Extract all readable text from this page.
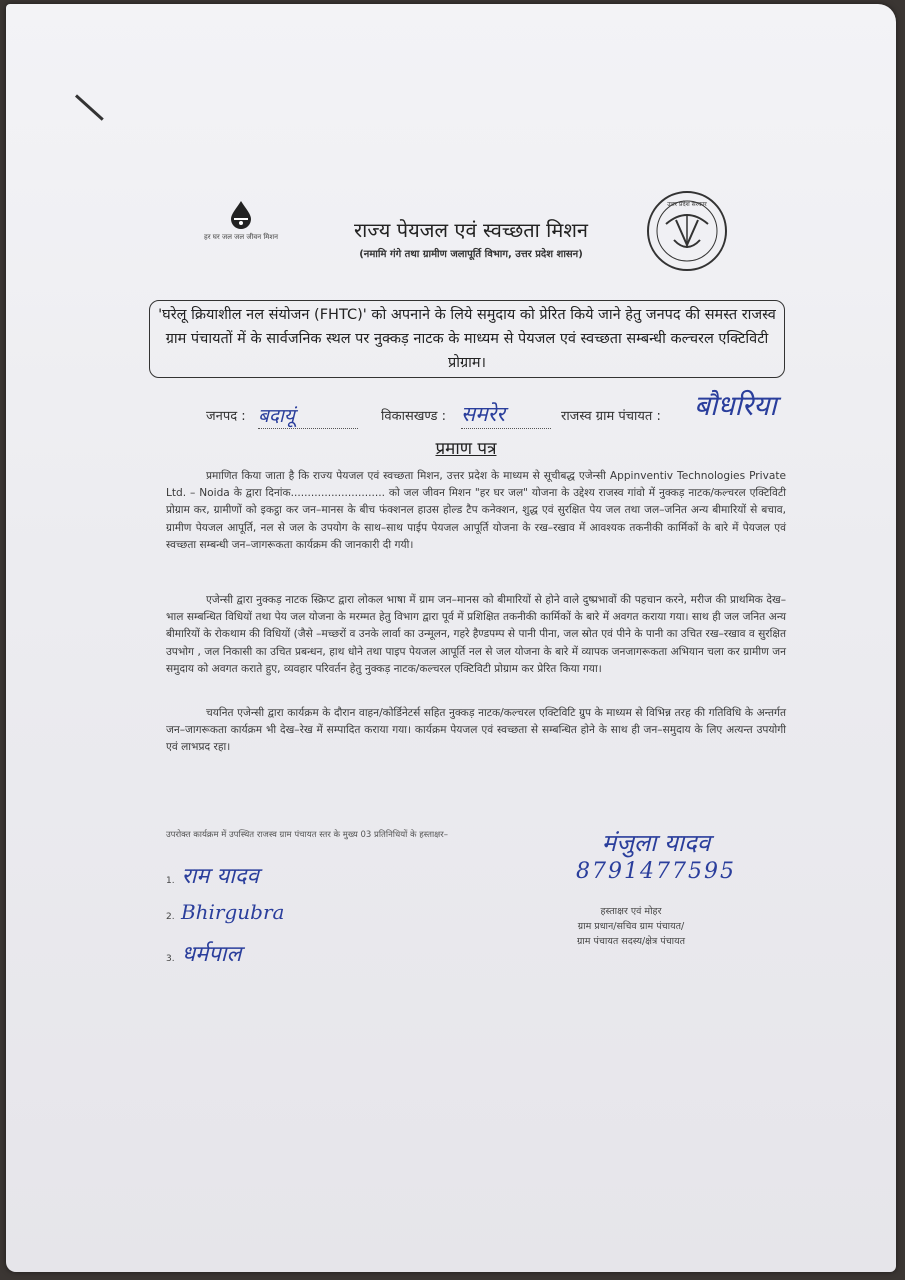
हर घर जल जल जीवन मिशन	राज्य पेयजल एवं स्वच्छता मिशन
(नमामि गंगे तथा ग्रामीण जलापूर्ति विभाग, उत्तर प्रदेश शासन)
उत्तर प्रदेश सरकार
'घरेलू क्रियाशील नल संयोजन (FHTC)' को अपनाने के लिये समुदाय को प्रेरित किये जाने हेतु जनपद की समस्त राजस्व ग्राम पंचायतों में के सार्वजनिक स्थल पर नुक्कड़ नाटक के माध्यम से पेयजल एवं स्वच्छता सम्बन्धी कल्चरल एक्टिविटी प्रोग्राम।
जनपद : बदायूं	विकासखण्ड : समरेर	राजस्व ग्राम पंचायत : बौधरिया
प्रमाण पत्र
प्रमाणित किया जाता है कि राज्य पेयजल एवं स्वच्छता मिशन, उत्तर प्रदेश के माध्यम से सूचीबद्ध एजेन्सी Appinventiv Technologies Private Ltd. – Noida के द्वारा दिनांक............................ को जल जीवन मिशन "हर घर जल" योजना के उद्देश्य राजस्व गांवो में नुक्कड़ नाटक/कल्चरल एक्टिविटी प्रोग्राम कर, ग्रामीणों को इकट्ठा कर जन–मानस के बीच फंक्शनल हाउस होल्ड टैप कनेक्शन, शुद्ध एवं सुरक्षित पेय जल तथा जल–जनित अन्य बीमारियों से बचाव, ग्रामीण पेयजल आपूर्ति, नल से जल के उपयोग के साथ–साथ पाईप पेयजल आपूर्ति योजना के रख–रखाव में आवश्यक तकनीकी कार्मिकों के बारे में पेयजल एवं स्वच्छता सम्बन्धी जन–जागरूकता कार्यक्रम की जानकारी दी गयी।
एजेन्सी द्वारा नुक्कड़ नाटक स्क्रिप्ट द्वारा लोकल भाषा में ग्राम जन–मानस को बीमारियों से होने वाले दुष्प्रभावों की पहचान करने, मरीज की प्राथमिक देख–भाल सम्बन्धित विधियों तथा पेय जल योजना के मरम्मत हेतु विभाग द्वारा पूर्व में प्रशिक्षित तकनीकी कार्मिकों के बारे में अवगत कराया गया। साथ ही जल जनित अन्य बीमारियों के रोकथाम की विधियों (जैसे –मच्छरों व उनके लार्वा का उन्मूलन, गहरे हैण्डपम्प से पानी पीना, जल स्रोत एवं पीने के पानी का उचित रख–रखाव व सुरक्षित उपभोग , जल निकासी का उचित प्रबन्धन, हाथ धोने तथा पाइप पेयजल आपूर्ति नल से जल योजना के बारे में व्यापक जनजागरूकता अभियान चला कर ग्रामीण जन समुदाय को अवगत कराते हुए, व्यवहार परिवर्तन हेतु नुक्कड़ नाटक/कल्चरल एक्टिविटी प्रोग्राम कर प्रेरित किया गया।
चयनित एजेन्सी द्वारा कार्यक्रम के दौरान वाहन/कोर्डिनेटर्स सहित नुक्कड़ नाटक/कल्चरल एक्टिविटि ग्रुप के माध्यम से विभिन्न तरह की गतिविधि के अन्तर्गत जन–जागरूकता कार्यक्रम भी देख–रेख में सम्पादित कराया गया। कार्यक्रम पेयजल एवं स्वच्छता से सम्बन्धित होने के साथ ही जन–समुदाय के लिए अत्यन्त उपयोगी एवं लाभप्रद रहा।
उपरोक्त कार्यक्रम में उपस्थित राजस्व ग्राम पंचायत स्तर के मुख्य 03 प्रतिनिधियों के हस्ताक्षर–
1. राम यादव
2. Bhirgubra
3. धर्मपाल
मंजुला यादव
8791477595
हस्ताक्षर एवं मोहर
ग्राम प्रधान/सचिव ग्राम पंचायत/
ग्राम पंचायत सदस्य/क्षेत्र पंचायत
